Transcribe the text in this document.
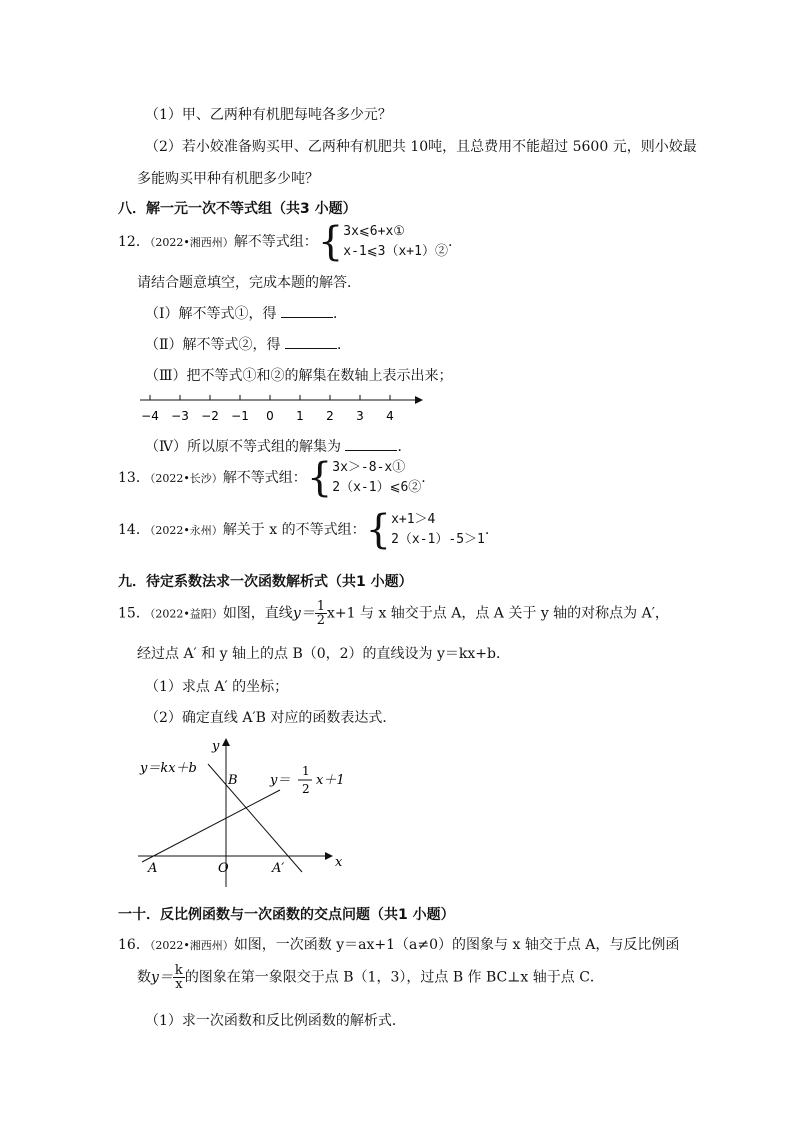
（1）甲、乙两种有机肥每吨各多少元？
（2）若小姣准备购买甲、乙两种有机肥共 10吨，且总费用不能超过 5600 元，则小姣最
多能购买甲种有机肥多少吨？
八．解一元一次不等式组（共3 小题）
12．（2022•湘西州）解不等式组：{ 3x⩽6+x①
x-1⩽3（x+1）②
.
请结合题意填空，完成本题的解答．
（Ⅰ）解不等式①，得	．
（Ⅱ）解不等式②，得	．
（Ⅲ）把不等式①和②的解集在数轴上表示出来；
−4 −3 −2 −1 0 1 2 3 4
（Ⅳ）所以原不等式组的解集为	．
13．（2022•长沙）解不等式组：{ 3x＞-8-x①
2（x-1）⩽6②
.
14．（2022•永州）解关于 x 的不等式组：{ x+1＞4
2（x-1）-5＞1
.
九．待定系数法求一次函数解析式（共1 小题）
15．（2022•益阳）如图，直线$y= \frac{1}{2} x+1$ 与 x 轴交于点 A，点 A 关于 y 轴的对称点为 A′，
经过点 A′ 和 y 轴上的点 B（0，2）的直线设为 y＝kx+b．
（1）求点 A′ 的坐标；
（2）确定直线 A′B 对应的函数表达式．
x
y
O
A	A′
B
y＝kx＋b
y＝
1
2
x＋1
一十．反比例函数与一次函数的交点问题（共1 小题）
16．（2022•湘西州）如图，一次函数 y＝ax+1（a≠0）的图象与 x 轴交于点 A，与反比例函
数$y= \frac{k}{x}$ 的图象在第一象限交于点 B（1，3），过点 B 作 BC⊥x 轴于点 C．
（1）求一次函数和反比例函数的解析式．
